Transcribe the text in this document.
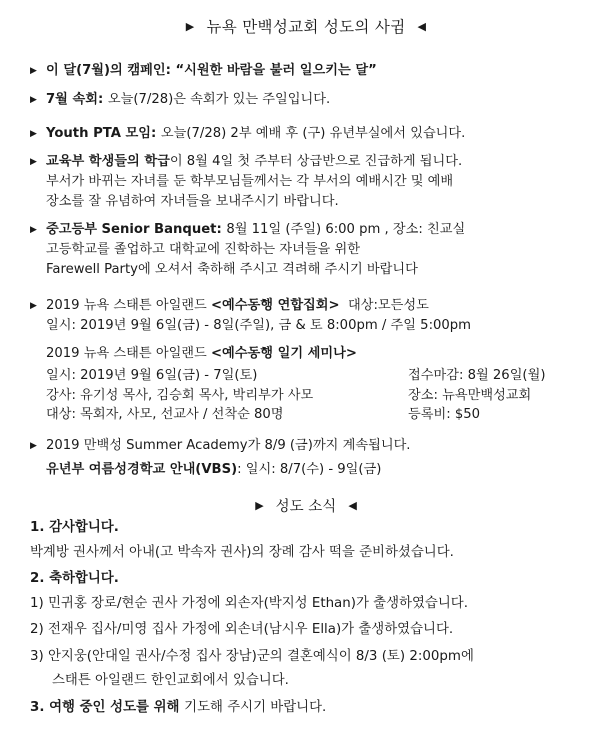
▶ 뉴욕 만백성교회 성도의 사귐 ◀
▶ 이 달(7월)의 캠페인: “시원한 바람을 불러 일으키는 달”
▶ 7월 속회: 오늘(7/28)은 속회가 있는 주일입니다.
▶ Youth PTA 모임: 오늘(7/28) 2부 예배 후 (구) 유년부실에서 있습니다.
▶ 교육부 학생들의 학급이 8월 4일 첫 주부터 상급반으로 진급하게 됩니다.
부서가 바뀌는 자녀를 둔 학부모님들께서는 각 부서의 예배시간 및 예배
장소를 잘 유념하여 자녀들을 보내주시기 바랍니다.
▶ 중고등부 Senior Banquet: 8월 11일 (주일) 6:00 pm , 장소: 친교실
고등학교를 졸업하고 대학교에 진학하는 자녀들을 위한
Farewell Party에 오셔서 축하해 주시고 격려해 주시기 바랍니다
▶ 2019 뉴욕 스태튼 아일랜드 <예수동행 연합집회>  대상:모든성도
일시: 2019년 9월 6일(금) - 8일(주일), 금 & 토 8:00pm / 주일 5:00pm
2019 뉴욕 스태튼 아일랜드 <예수동행 일기 세미나>
일시: 2019년 9월 6일(금) - 7일(토)	접수마감: 8월 26일(월)
강사: 유기성 목사, 김승회 목사, 박리부가 사모	장소: 뉴욕만백성교회
대상: 목회자, 사모, 선교사 / 선착순 80명	등록비: $50
▶ 2019 만백성 Summer Academy가 8/9 (금)까지 계속됩니다.
유년부 여름성경학교 안내(VBS): 일시: 8/7(수) - 9일(금)
▶ 성도 소식 ◀
1. 감사합니다.
박계방 권사께서 아내(고 박속자 권사)의 장례 감사 떡을 준비하셨습니다.
2. 축하합니다.
1) 민귀홍 장로/현순 권사 가정에 외손자(박지성 Ethan)가 출생하였습니다.
2) 전재우 집사/미영 집사 가정에 외손녀(남시우 Ella)가 출생하였습니다.
3) 안지웅(안대일 권사/수정 집사 장남)군의 결혼예식이 8/3 (토) 2:00pm에
스태튼 아일랜드 한인교회에서 있습니다.
3. 여행 중인 성도를 위해 기도해 주시기 바랍니다.
